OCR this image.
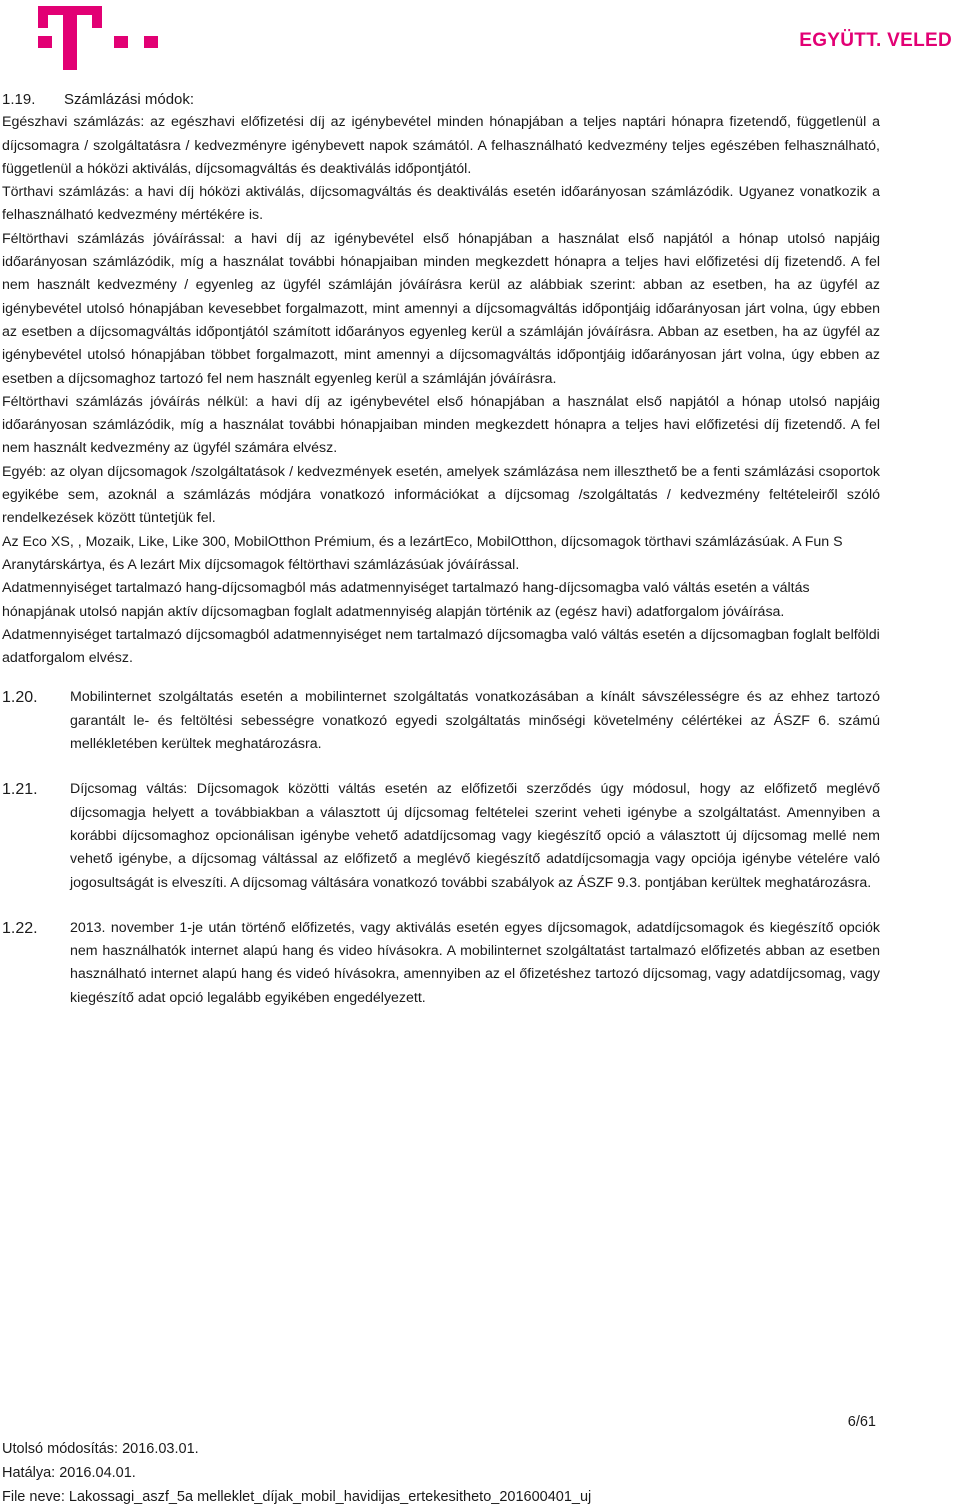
EGYÜTT. VELED

1.19. Számlázási módok:

Egészhavi számlázás: az egészhavi előfizetési díj az igénybevétel minden hónapjában a teljes naptári hónapra fizetendő, függetlenül a díjcsomagra / szolgáltatásra / kedvezményre igénybevett napok számától. A felhasználható kedvezmény teljes egészében felhasználható, függetlenül a hóközi aktiválás, díjcsomagváltás és deaktiválás időpontjától.

Törthavi számlázás: a havi díj hóközi aktiválás, díjcsomagváltás és deaktiválás esetén időarányosan számlázódik. Ugyanez vonatkozik a felhasználható kedvezmény mértékére is.

Féltörthavi számlázás jóváírással: a havi díj az igénybevétel első hónapjában a használat első napjától a hónap utolsó napjáig időarányosan számlázódik, míg a használat további hónapjaiban minden megkezdett hónapra a teljes havi előfizetési díj fizetendő. A fel nem használt kedvezmény / egyenleg az ügyfél számláján jóváírásra kerül az alábbiak szerint: abban az esetben, ha az ügyfél az igénybevétel utolsó hónapjában kevesebbet forgalmazott, mint amennyi a díjcsomagváltás időpontjáig időarányosan járt volna, úgy ebben az esetben a díjcsomagváltás időpontjától számított időarányos egyenleg kerül a számláján jóváírásra. Abban az esetben, ha az ügyfél az igénybevétel utolsó hónapjában többet forgalmazott, mint amennyi a díjcsomagváltás időpontjáig időarányosan járt volna, úgy ebben az esetben a díjcsomaghoz tartozó fel nem használt egyenleg kerül a számláján jóváírásra.

Féltörthavi számlázás jóváírás nélkül: a havi díj az igénybevétel első hónapjában a használat első napjától a hónap utolsó napjáig időarányosan számlázódik, míg a használat további hónapjaiban minden megkezdett hónapra a teljes havi előfizetési díj fizetendő. A fel nem használt kedvezmény az ügyfél számára elvész.

Egyéb: az olyan díjcsomagok /szolgáltatások / kedvezmények esetén, amelyek számlázása nem illeszthető be a fenti számlázási csoportok egyikébe sem, azoknál a számlázás módjára vonatkozó információkat a díjcsomag /szolgáltatás / kedvezmény feltételeiről szóló rendelkezések között tüntetjük fel.

Az Eco XS, , Mozaik, Like, Like 300, MobilOtthon Prémium, és a lezártEco, MobilOtthon, díjcsomagok törthavi számlázásúak. A Fun S Aranytárskártya, és A lezárt Mix díjcsomagok féltörthavi számlázásúak jóváírással.

Adatmennyiséget tartalmazó hang-díjcsomagból más adatmennyiséget tartalmazó hang-díjcsomagba való váltás esetén a váltás hónapjának utolsó napján aktív díjcsomagban foglalt adatmennyiség alapján történik az (egész havi) adatforgalom jóváírása.

Adatmennyiséget tartalmazó díjcsomagból adatmennyiséget nem tartalmazó díjcsomagba való váltás esetén a díjcsomagban foglalt belföldi adatforgalom elvész.

1.20.	Mobilinternet szolgáltatás esetén a mobilinternet szolgáltatás vonatkozásában a kínált sávszélességre és az ehhez tartozó garantált le- és feltöltési sebességre vonatkozó egyedi szolgáltatás minőségi követelmény célértékei az ÁSZF 6. számú mellékletében kerültek meghatározásra.
1.21.	Díjcsomag váltás: Díjcsomagok közötti váltás esetén az előfizetői szerződés úgy módosul, hogy az előfizető meglévő díjcsomagja helyett a továbbiakban a választott új díjcsomag feltételei szerint veheti igénybe a szolgáltatást. Amennyiben a korábbi díjcsomaghoz opcionálisan igénybe vehető adatdíjcsomag vagy kiegészítő opció a választott új díjcsomag mellé nem vehető igénybe, a díjcsomag váltással az előfizető a meglévő kiegészítő adatdíjcsomagja vagy opciója igénybe vételére való jogosultságát is elveszíti. A díjcsomag váltására vonatkozó további szabályok az ÁSZF 9.3. pontjában kerültek meghatározásra.
1.22.	2013. november 1-je után történő előfizetés, vagy aktiválás esetén egyes díjcsomagok, adatdíjcsomagok és kiegészítő opciók nem használhatók internet alapú hang és video hívásokra. A mobilinternet szolgáltatást tartalmazó előfizetés abban az esetben használható internet alapú hang és videó hívásokra, amennyiben az el őfizetéshez tartozó díjcsomag, vagy adatdíjcsomag, vagy kiegészítő adat opció legalább egyikében engedélyezett.
6/61
Utolsó módosítás: 2016.03.01.
Hatálya: 2016.04.01.
File neve: Lakossagi_aszf_5a melleklet_díjak_mobil_havidijas_ertekesitheto_201600401_uj
